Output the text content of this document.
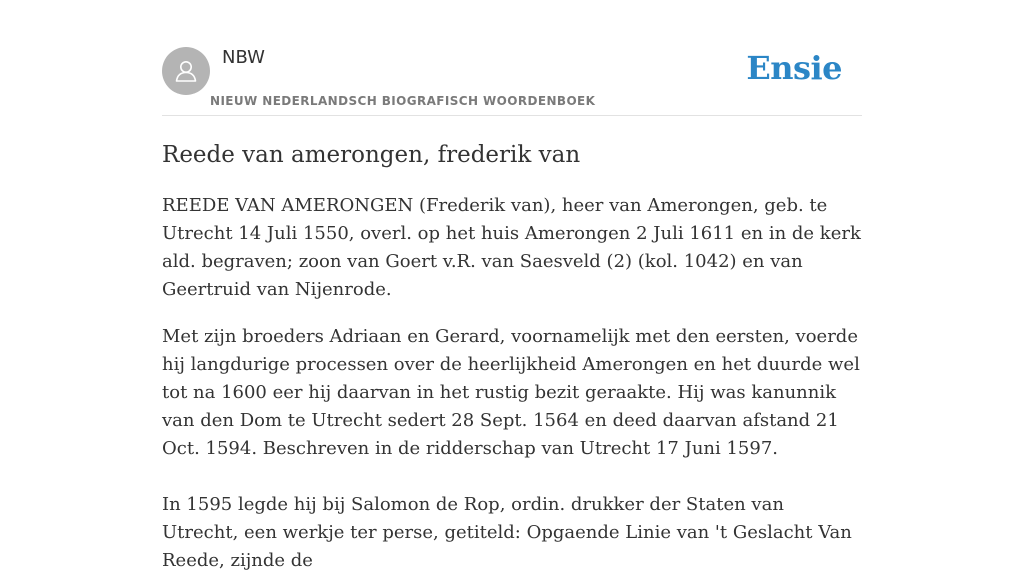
NBW
NIEUW NEDERLANDSCH BIOGRAFISCH WOORDENBOEK
Ensie
Reede van amerongen, frederik van

REEDE VAN AMERONGEN (Frederik van), heer van Amerongen, geb. te Utrecht 14 Juli 1550, overl. op het huis Amerongen 2 Juli 1611 en in de kerk ald. begraven; zoon van Goert v.R. van Saesveld (2) (kol. 1042) en van Geertruid van Nijenrode.

Met zijn broeders Adriaan en Gerard, voornamelijk met den eersten, voerde hij langdurige processen over de heerlijkheid Amerongen en het duurde wel tot na 1600 eer hij daarvan in het rustig bezit geraakte. Hij was kanunnik van den Dom te Utrecht sedert 28 Sept. 1564 en deed daarvan afstand 21 Oct. 1594. Beschreven in de ridderschap van Utrecht 17 Juni 1597.

In 1595 legde hij bij Salomon de Rop, ordin. drukker der Staten van Utrecht, een werkje ter perse, getiteld: Opgaende Linie van 't Geslacht Van Reede, zijnde de
